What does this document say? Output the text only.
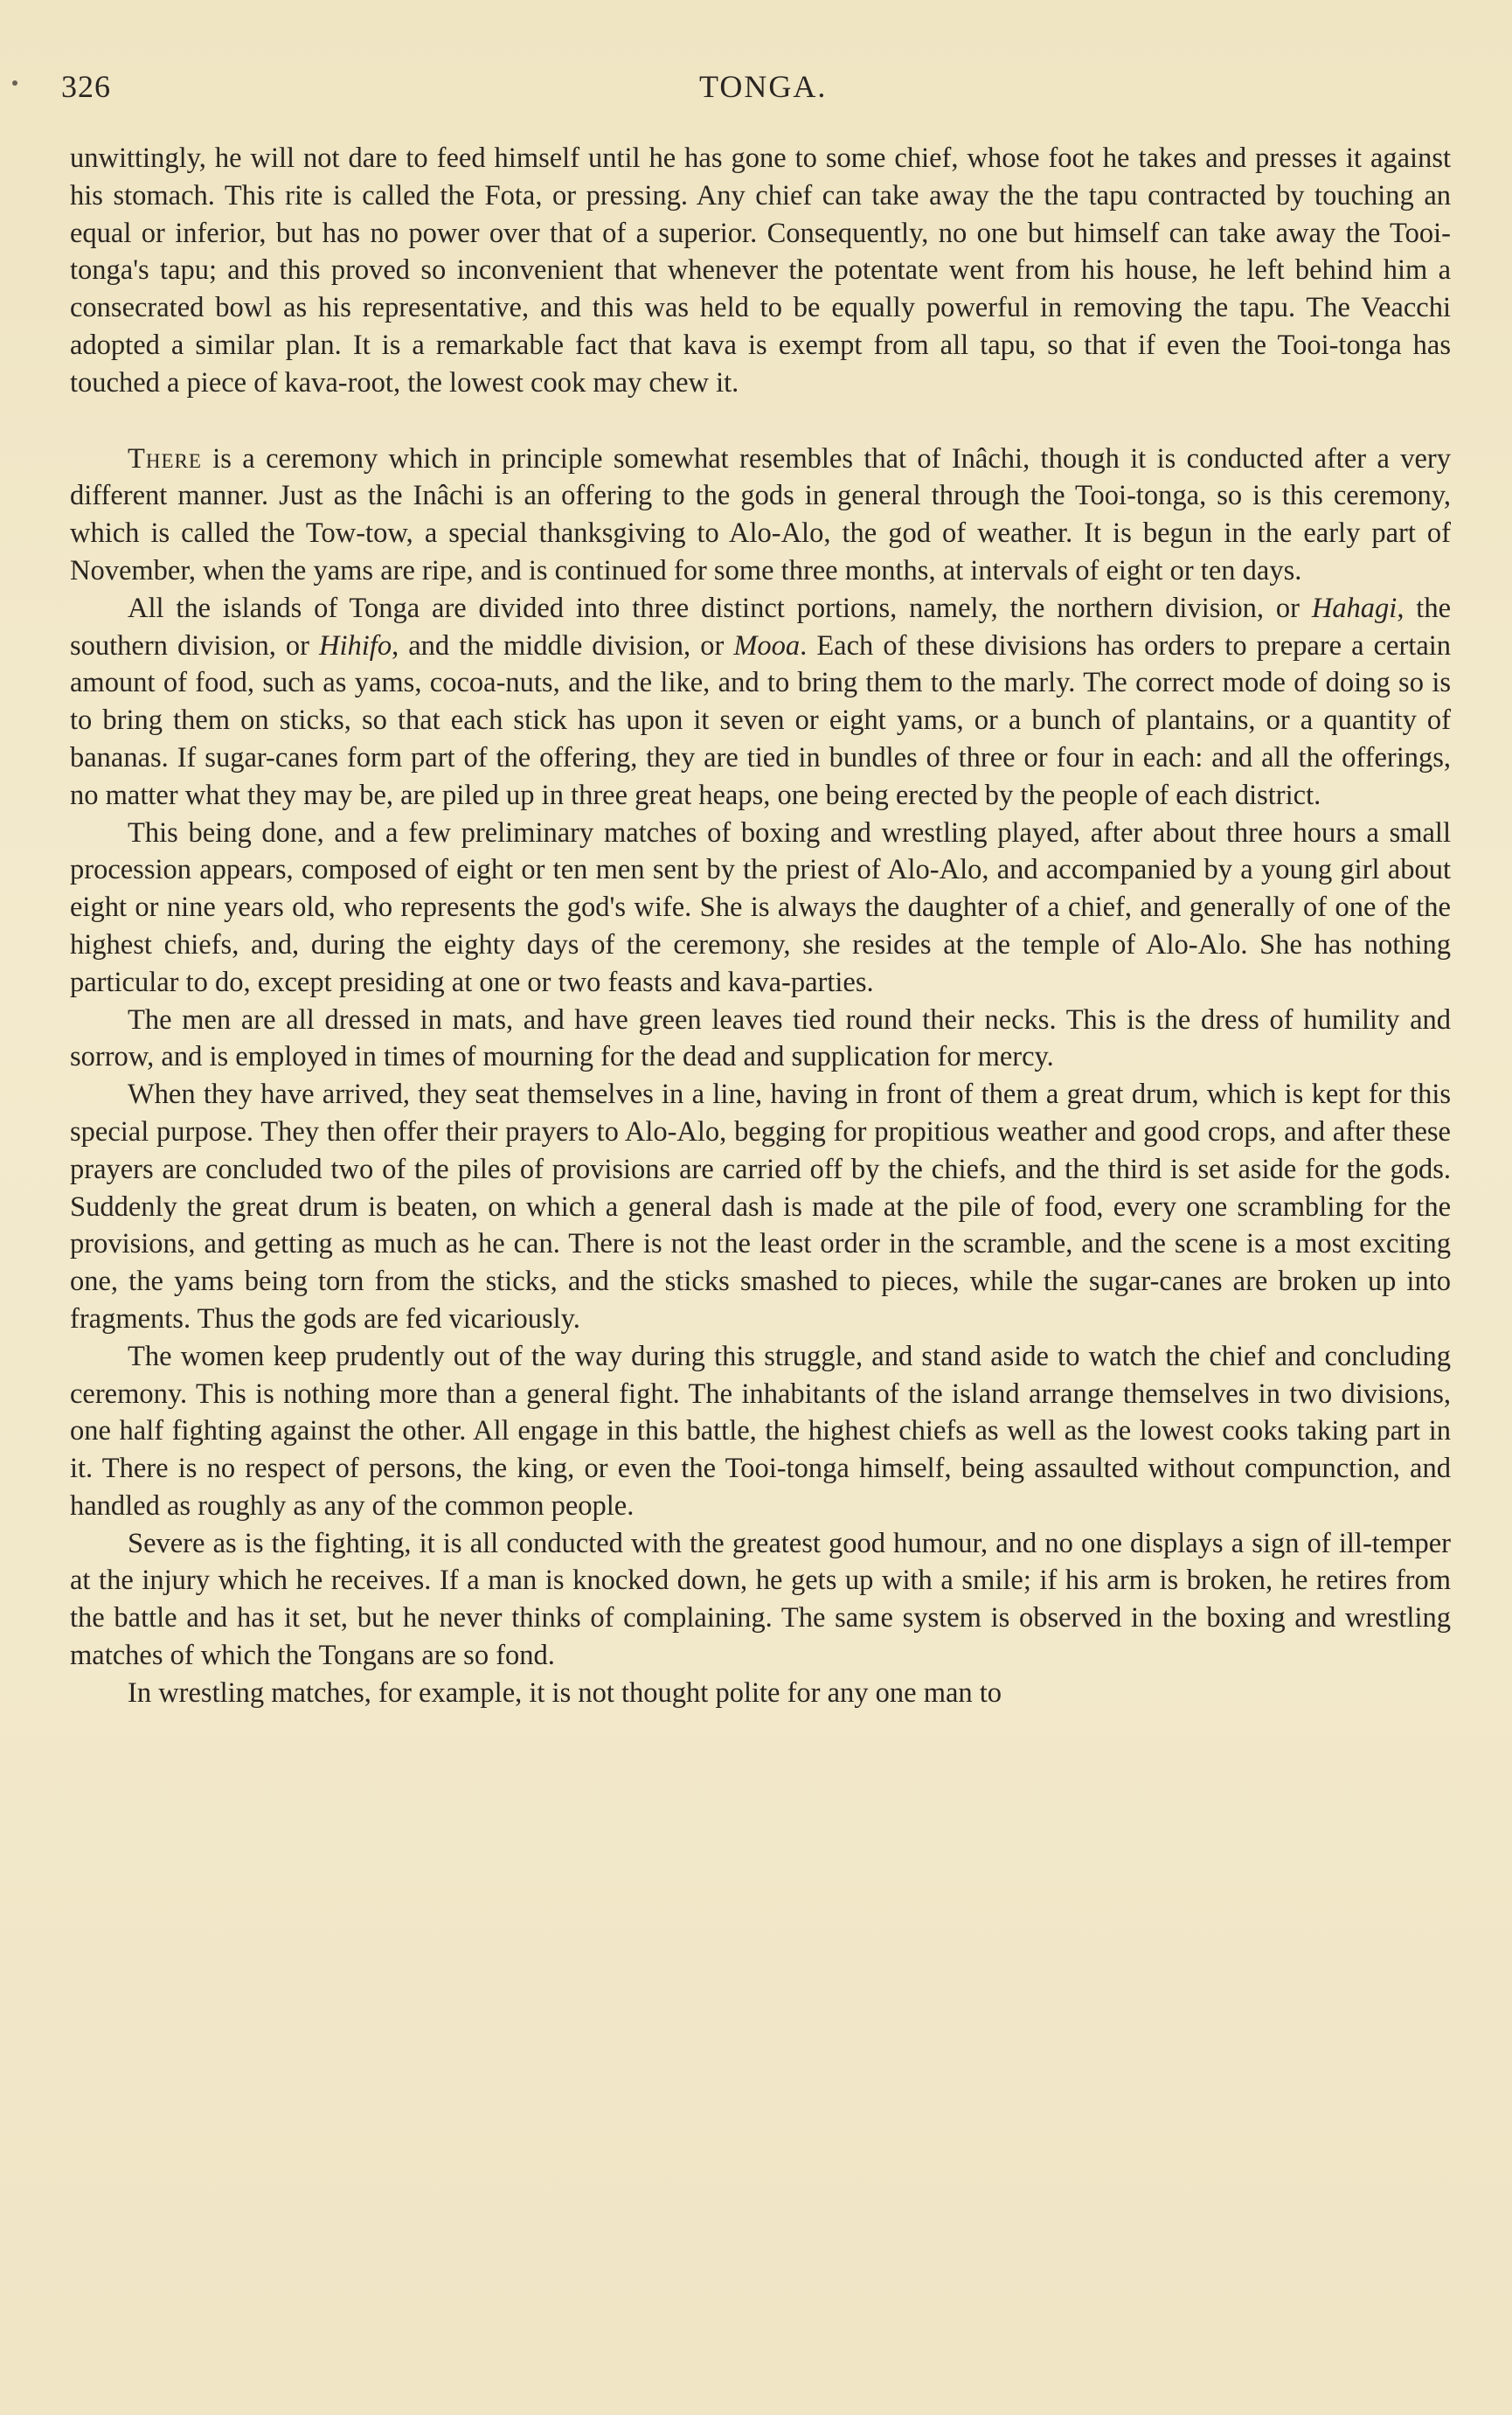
326	TONGA.

unwittingly, he will not dare to feed himself until he has gone to some chief, whose foot he takes and presses it against his stomach. This rite is called the Fota, or pressing. Any chief can take away the the tapu contracted by touching an equal or inferior, but has no power over that of a superior. Consequently, no one but himself can take away the Tooi-tonga's tapu; and this proved so inconvenient that whenever the potentate went from his house, he left behind him a consecrated bowl as his representative, and this was held to be equally powerful in removing the tapu. The Veacchi adopted a similar plan. It is a remarkable fact that kava is exempt from all tapu, so that if even the Tooi-tonga has touched a piece of kava-root, the lowest cook may chew it.

There is a ceremony which in principle somewhat resembles that of Inâchi, though it is conducted after a very different manner. Just as the Inâchi is an offering to the gods in general through the Tooi-tonga, so is this ceremony, which is called the Tow-tow, a special thanksgiving to Alo-Alo, the god of weather. It is begun in the early part of November, when the yams are ripe, and is continued for some three months, at intervals of eight or ten days.

All the islands of Tonga are divided into three distinct portions, namely, the northern division, or Hahagi, the southern division, or Hihifo, and the middle division, or Mooa. Each of these divisions has orders to prepare a certain amount of food, such as yams, cocoa-nuts, and the like, and to bring them to the marly. The correct mode of doing so is to bring them on sticks, so that each stick has upon it seven or eight yams, or a bunch of plantains, or a quantity of bananas. If sugar-canes form part of the offering, they are tied in bundles of three or four in each: and all the offerings, no matter what they may be, are piled up in three great heaps, one being erected by the people of each district.

This being done, and a few preliminary matches of boxing and wrestling played, after about three hours a small procession appears, composed of eight or ten men sent by the priest of Alo-Alo, and accompanied by a young girl about eight or nine years old, who represents the god's wife. She is always the daughter of a chief, and generally of one of the highest chiefs, and, during the eighty days of the ceremony, she resides at the temple of Alo-Alo. She has nothing particular to do, except presiding at one or two feasts and kava-parties.

The men are all dressed in mats, and have green leaves tied round their necks. This is the dress of humility and sorrow, and is employed in times of mourning for the dead and supplication for mercy.

When they have arrived, they seat themselves in a line, having in front of them a great drum, which is kept for this special purpose. They then offer their prayers to Alo-Alo, begging for propitious weather and good crops, and after these prayers are concluded two of the piles of provisions are carried off by the chiefs, and the third is set aside for the gods. Suddenly the great drum is beaten, on which a general dash is made at the pile of food, every one scrambling for the provisions, and getting as much as he can. There is not the least order in the scramble, and the scene is a most exciting one, the yams being torn from the sticks, and the sticks smashed to pieces, while the sugar-canes are broken up into fragments. Thus the gods are fed vicariously.

The women keep prudently out of the way during this struggle, and stand aside to watch the chief and concluding ceremony. This is nothing more than a general fight. The inhabitants of the island arrange themselves in two divisions, one half fighting against the other. All engage in this battle, the highest chiefs as well as the lowest cooks taking part in it. There is no respect of persons, the king, or even the Tooi-tonga himself, being assaulted without compunction, and handled as roughly as any of the common people.

Severe as is the fighting, it is all conducted with the greatest good humour, and no one displays a sign of ill-temper at the injury which he receives. If a man is knocked down, he gets up with a smile; if his arm is broken, he retires from the battle and has it set, but he never thinks of complaining. The same system is observed in the boxing and wrestling matches of which the Tongans are so fond.

In wrestling matches, for example, it is not thought polite for any one man to
